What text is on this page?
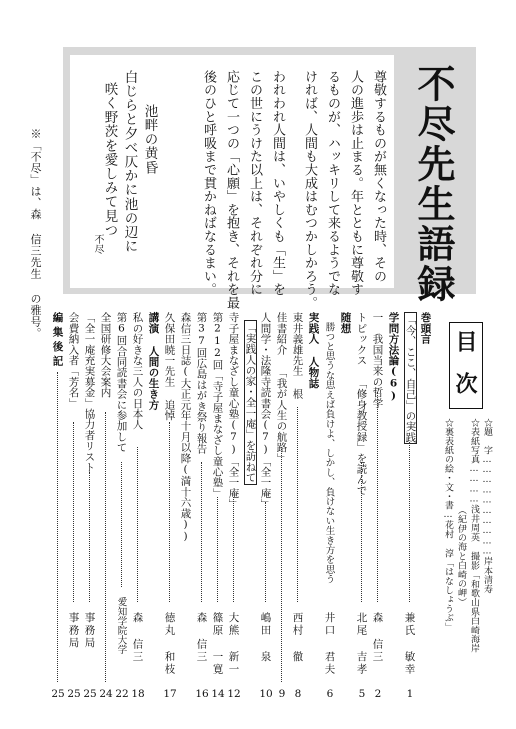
不尽先生語録
尊敬するものが無くなった時、その
人の進歩は止まる。年とともに尊敬す
るものが、ハッキリして来るようでな
ければ、人間も大成はむつかしかろう。
われわれ人間は、いやしくも「生」を
この世にうけた以上は、それぞれ分に
応じて一つの「心願」を抱き、それを最
後のひと呼吸まで貫かねばなるまい。
池畔の黄昏
白じらと夕べ仄かに池の辺に
咲く野茨を愛しみて見つ
不尽
※「不尽」は、森 信三先生 の雅号。
目次
☆題　字…………………………岸本清寿
☆表紙写真…………浅井周英 撮影「和歌山県白崎海岸
　　　　　　　　　　（紀伊の海と白崎の岬）
☆裏表紙の絵・文・書…花村 淳「はなしょうぶ」
巻頭言
「今、ここ、自己」の実践
兼氏 敏幸
1
学問方法論(6)
一　我国当来の哲学
森 信三
2
トピックス 「修身教授録」を読んで
北尾 吉孝
5
随想
勝つと思うな思えば負けよ、しかし、負けない生き方を思う
井口 君夫
6
実践人 人物誌
東井義雄先生 根
西村 徹
8
佳書紹介 「我が人生の航路」
9
人間学・法隆寺読書会(7)「全一庵」
嶋田 泉
10
「実践人の家・全一庵」を訪ねて
寺子屋まなざし童心塾(7)「全一庵」
大熊 新一
12
第212回「寺子屋まなざし童心塾」
篠原 一寛
14
第37回広島はがき祭り報告
森 信三
16
森信三日誌(大正元年十月以降(満十六歳))
久保田暁一先生 追悼
徳丸 和枝
17
講演 人間の生き方
私の好きな三人の日本人
森 信三
18
第6回合同読書会に参加して
愛知学院大学
22
全国研修大会案内
24
「全一庵充実募金」協力者リスト
事務局
25
会費納入者「芳名」
事務局
25
編集後記
25
